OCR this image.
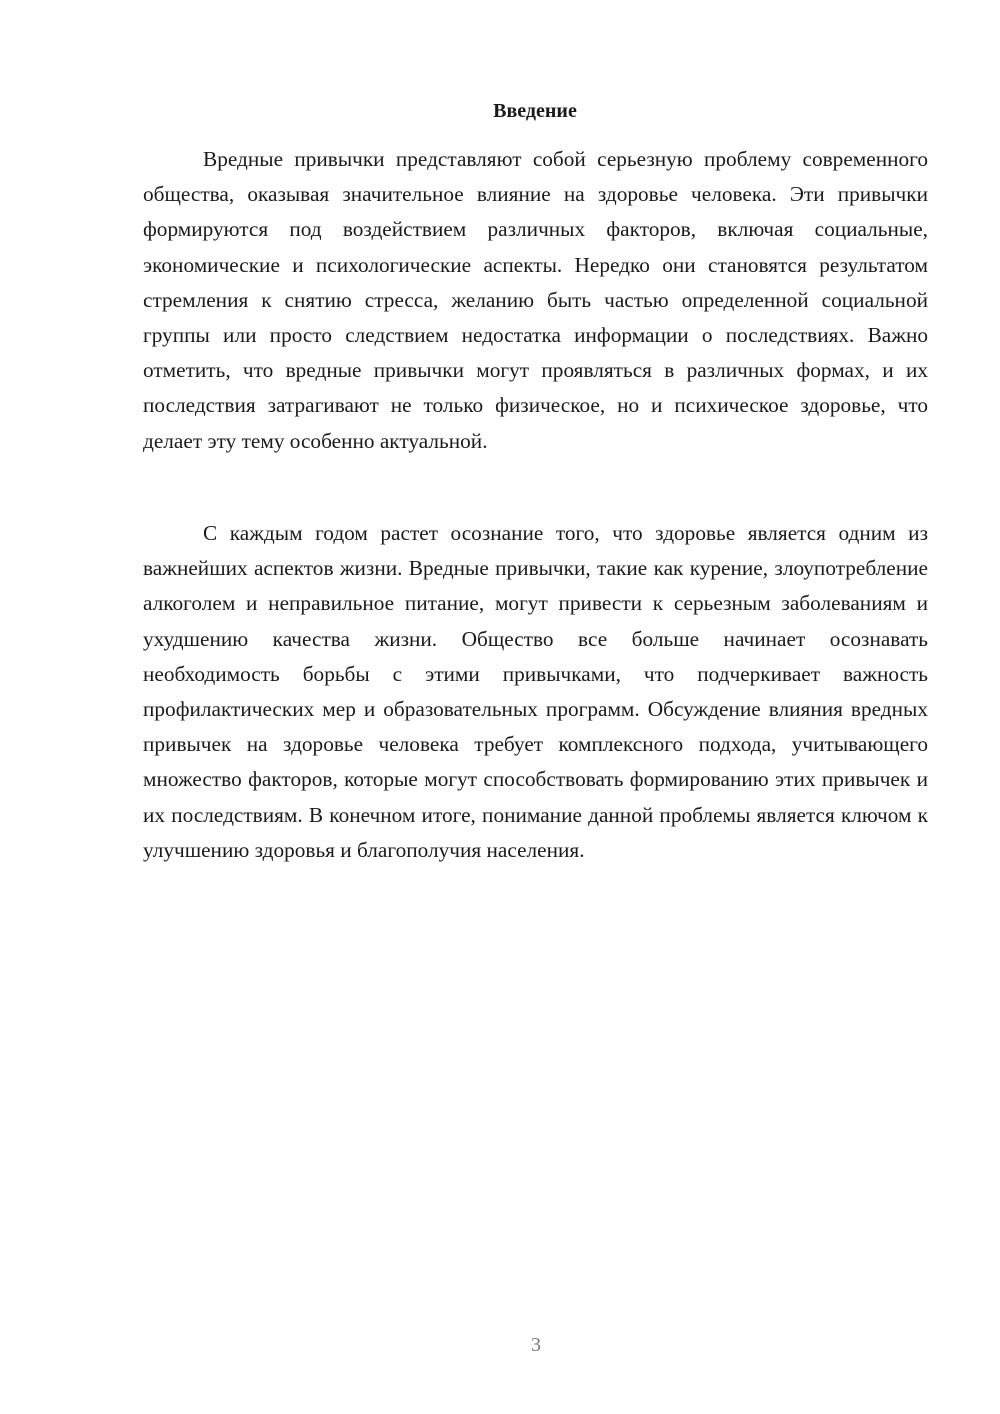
Введение

Вредные привычки представляют собой серьезную проблему современного общества, оказывая значительное влияние на здоровье человека. Эти привычки формируются под воздействием различных факторов, включая социальные, экономические и психологические аспекты. Нередко они становятся результатом стремления к снятию стресса, желанию быть частью определенной социальной группы или просто следствием недостатка информации о последствиях. Важно отметить, что вредные привычки могут проявляться в различных формах, и их последствия затрагивают не только физическое, но и психическое здоровье, что делает эту тему особенно актуальной.

С каждым годом растет осознание того, что здоровье является одним из важнейших аспектов жизни. Вредные привычки, такие как курение, злоупотребление алкоголем и неправильное питание, могут привести к серьезным заболеваниям и ухудшению качества жизни. Общество все больше начинает осознавать необходимость борьбы с этими привычками, что подчеркивает важность профилактических мер и образовательных программ. Обсуждение влияния вредных привычек на здоровье человека требует комплексного подхода, учитывающего множество факторов, которые могут способствовать формированию этих привычек и их последствиям. В конечном итоге, понимание данной проблемы является ключом к улучшению здоровья и благополучия населения.

3
